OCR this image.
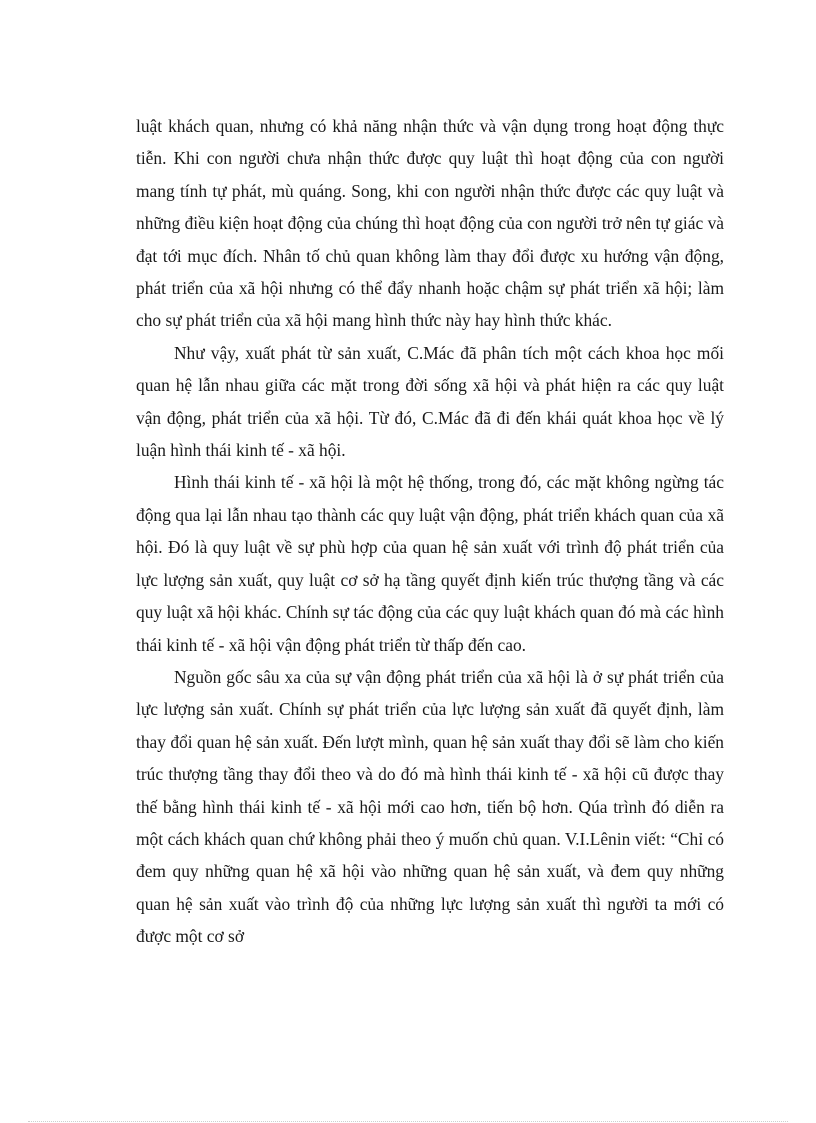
luật khách quan, nhưng có khả năng nhận thức và vận dụng trong hoạt động thực tiễn. Khi con người chưa nhận thức được quy luật thì hoạt động của con người mang tính tự phát, mù quáng. Song, khi con người nhận thức được các quy luật và những điều kiện hoạt động của chúng thì hoạt động của con người trở nên tự giác và đạt tới mục đích. Nhân tố chủ quan không làm thay đổi được xu hướng vận động, phát triển của xã hội nhưng có thể đẩy nhanh hoặc chậm sự phát triển xã hội; làm cho sự phát triển của xã hội mang hình thức này hay hình thức khác.

Như vậy, xuất phát từ sản xuất, C.Mác đã phân tích một cách khoa học mối quan hệ lẫn nhau giữa các mặt trong đời sống xã hội và phát hiện ra các quy luật vận động, phát triển của xã hội. Từ đó, C.Mác đã đi đến khái quát khoa học về lý luận hình thái kinh tế - xã hội.

Hình thái kinh tế - xã hội là một hệ thống, trong đó, các mặt không ngừng tác động qua lại lẫn nhau tạo thành các quy luật vận động, phát triển khách quan của xã hội. Đó là quy luật về sự phù hợp của quan hệ sản xuất với trình độ phát triển của lực lượng sản xuất, quy luật cơ sở hạ tầng quyết định kiến trúc thượng tầng và các quy luật xã hội khác. Chính sự tác động của các quy luật khách quan đó mà các hình thái kinh tế - xã hội vận động phát triển từ thấp đến cao.

Nguồn gốc sâu xa của sự vận động phát triển của xã hội là ở sự phát triển của lực lượng sản xuất. Chính sự phát triển của lực lượng sản xuất đã quyết định, làm thay đổi quan hệ sản xuất. Đến lượt mình, quan hệ sản xuất thay đổi sẽ làm cho kiến trúc thượng tầng thay đổi theo và do đó mà hình thái kinh tế - xã hội cũ được thay thế bằng hình thái kinh tế - xã hội mới cao hơn, tiến bộ hơn. Qúa trình đó diễn ra một cách khách quan chứ không phải theo ý muốn chủ quan. V.I.Lênin viết: “Chỉ có đem quy những quan hệ xã hội vào những quan hệ sản xuất, và đem quy những quan hệ sản xuất vào trình độ của những lực lượng sản xuất thì người ta mới có được một cơ sở
